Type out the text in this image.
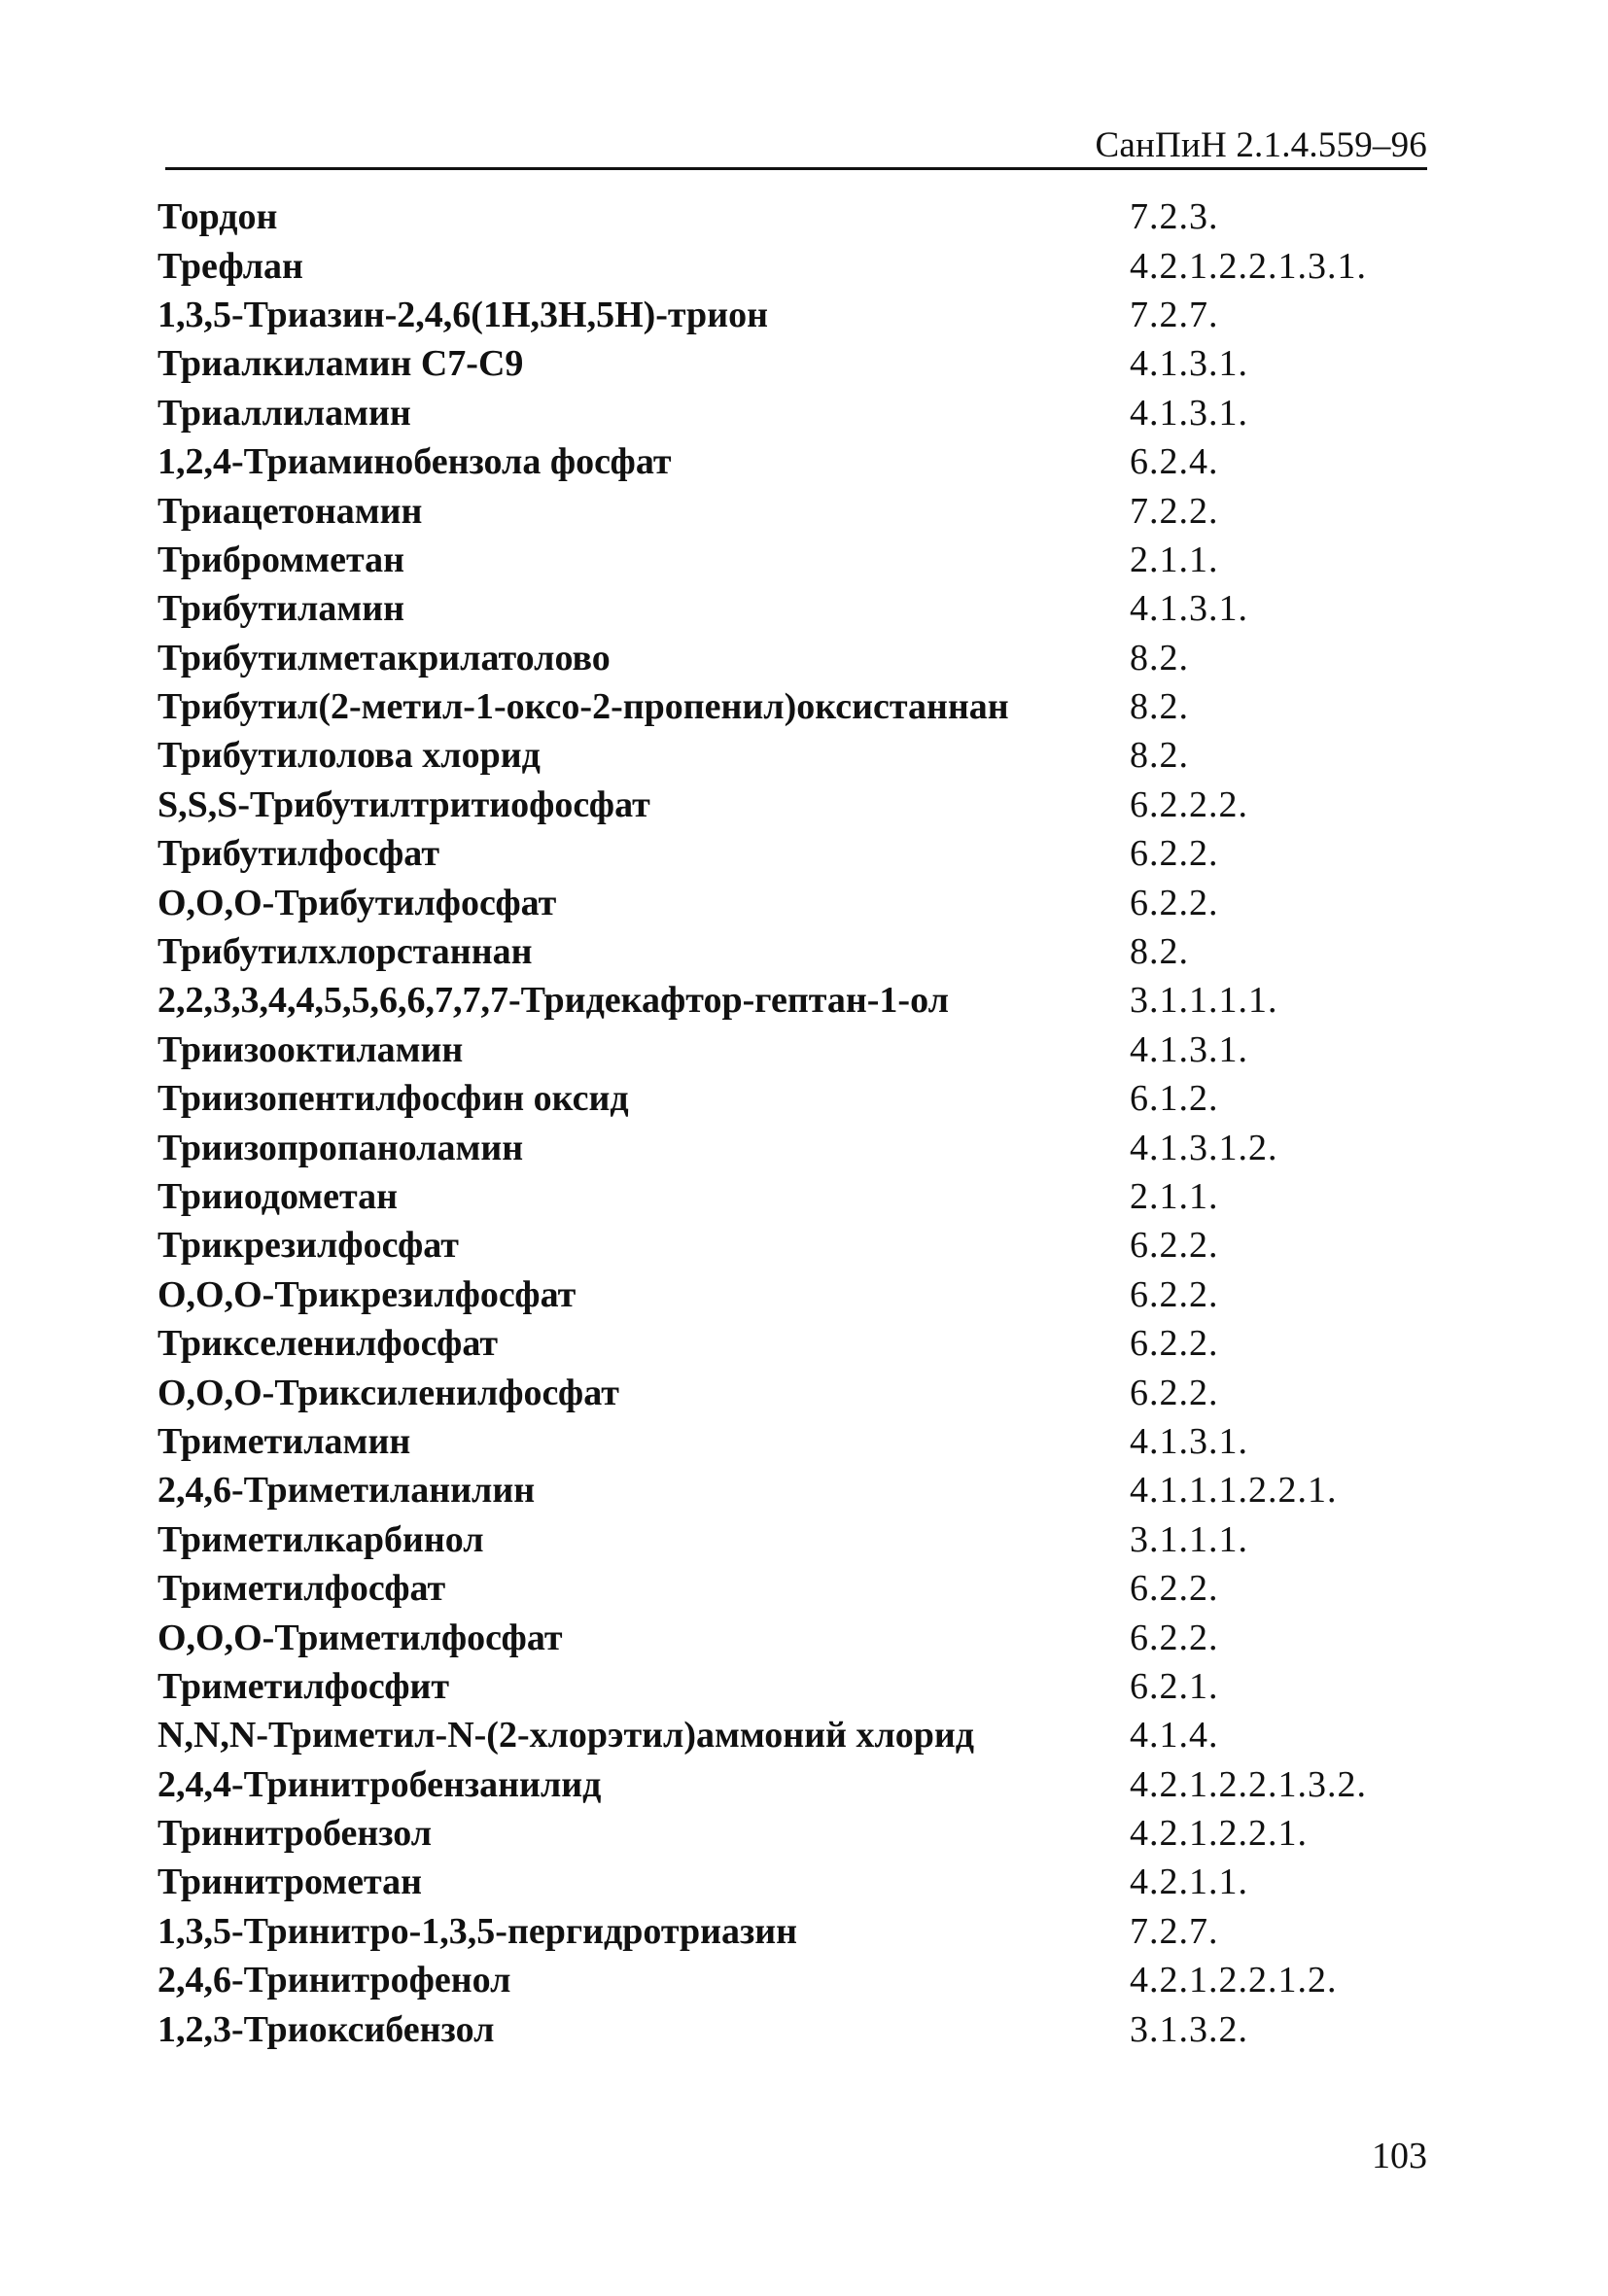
СанПиН 2.1.4.559–96
Тордон	7.2.3.
Трефлан	4.2.1.2.2.1.3.1.
1,3,5-Триазин-2,4,6(1Н,3Н,5Н)-трион	7.2.7.
Триалкиламин С7-С9	4.1.3.1.
Триаллиламин	4.1.3.1.
1,2,4-Триаминобензола фосфат	6.2.4.
Триацетонамин	7.2.2.
Трибромметан	2.1.1.
Трибутиламин	4.1.3.1.
Трибутилметакрилатолово	8.2.
Трибутил(2-метил-1-оксо-2-пропенил)оксистаннан	8.2.
Трибутилолова хлорид	8.2.
S,S,S-Трибутилтритиофосфат	6.2.2.2.
Трибутилфосфат	6.2.2.
О,О,О-Трибутилфосфат	6.2.2.
Трибутилхлорстаннан	8.2.
2,2,3,3,4,4,5,5,6,6,7,7,7-Тридекафтор-гептан-1-ол	3.1.1.1.1.
Триизооктиламин	4.1.3.1.
Триизопентилфосфин оксид	6.1.2.
Триизопропаноламин	4.1.3.1.2.
Трииодометан	2.1.1.
Трикрезилфосфат	6.2.2.
О,О,О-Трикрезилфосфат	6.2.2.
Трикселенилфосфат	6.2.2.
О,О,О-Триксиленилфосфат	6.2.2.
Триметиламин	4.1.3.1.
2,4,6-Триметиланилин	4.1.1.1.2.2.1.
Триметилкарбинол	3.1.1.1.
Триметилфосфат	6.2.2.
О,О,О-Триметилфосфат	6.2.2.
Триметилфосфит	6.2.1.
N,N,N-Триметил-N-(2-хлорэтил)аммоний хлорид	4.1.4.
2,4,4-Тринитробензанилид	4.2.1.2.2.1.3.2.
Тринитробензол	4.2.1.2.2.1.
Тринитрометан	4.2.1.1.
1,3,5-Тринитро-1,3,5-пергидротриазин	7.2.7.
2,4,6-Тринитрофенол	4.2.1.2.2.1.2.
1,2,3-Триоксибензол	3.1.3.2.
103
